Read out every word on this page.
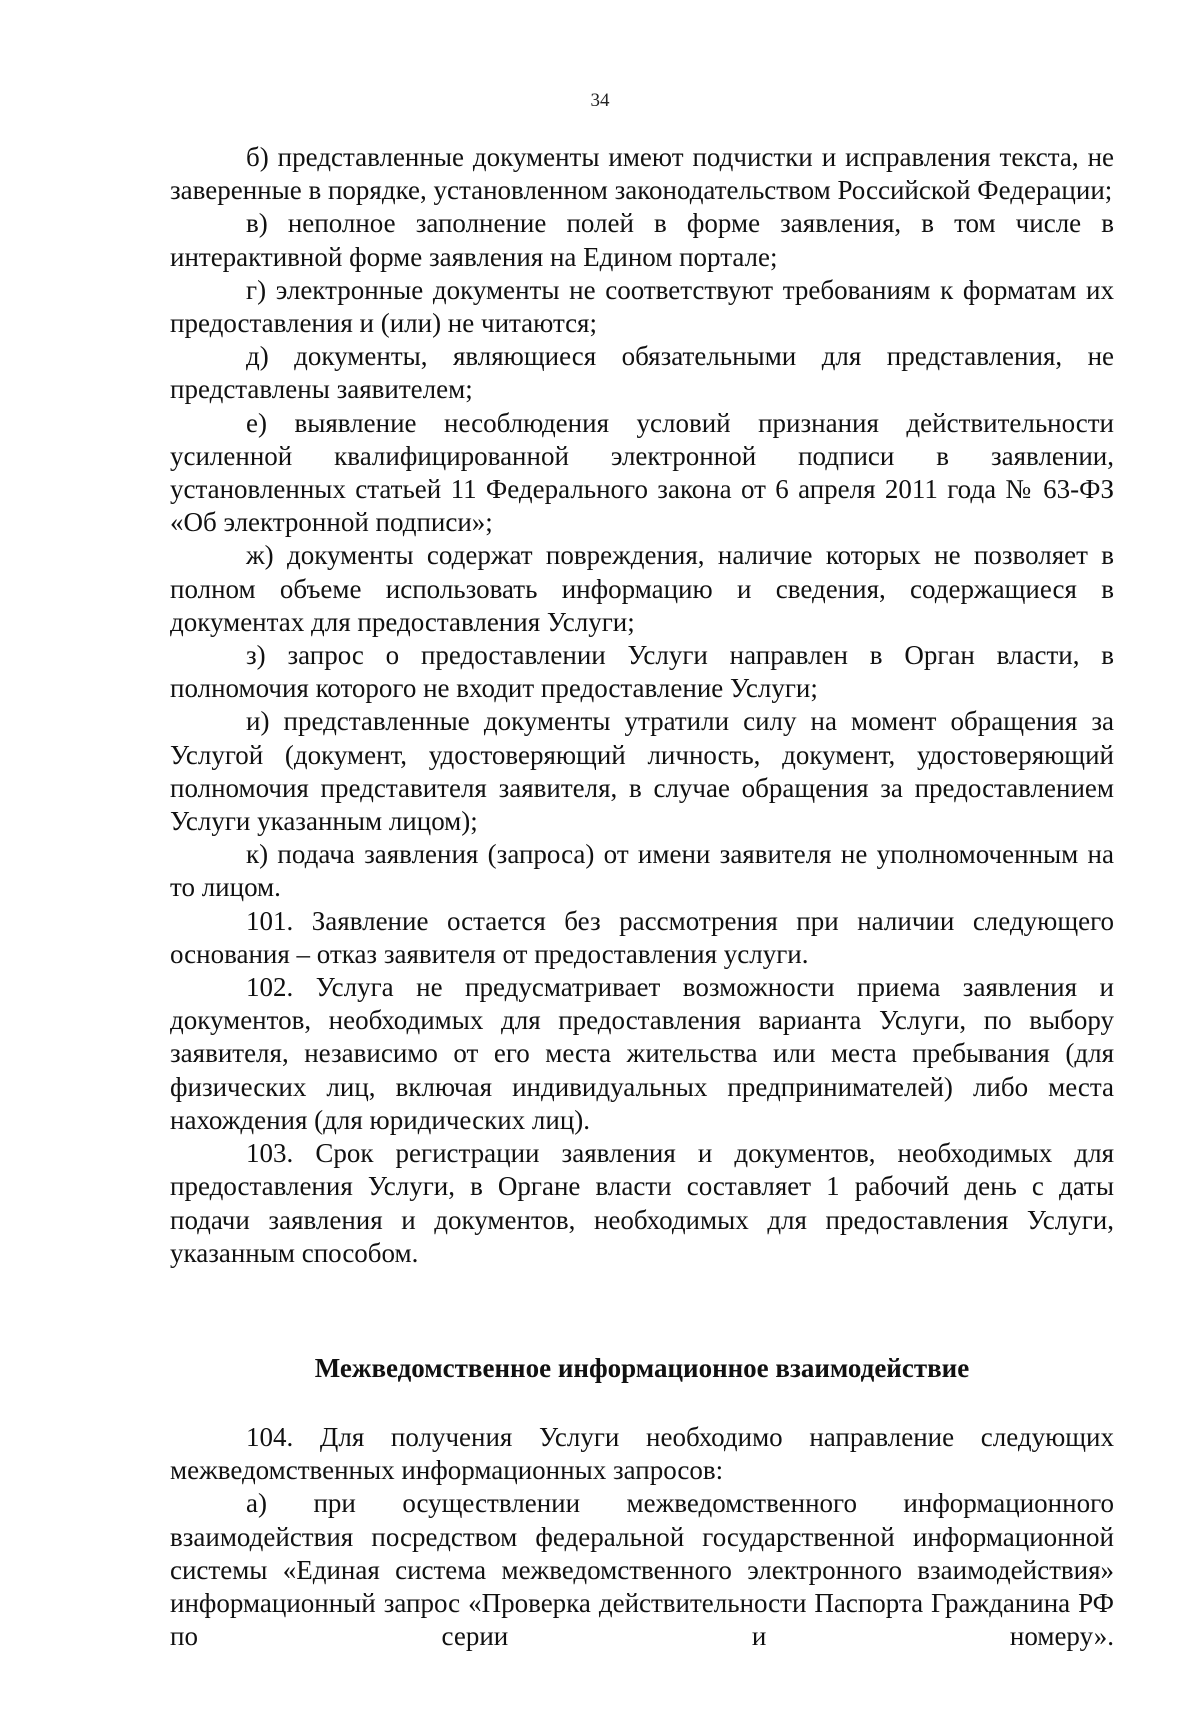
34

б) представленные документы имеют подчистки и исправления текста, не заверенные в порядке, установленном законодательством Российской Федерации;

в) неполное заполнение полей в форме заявления, в том числе в интерактивной форме заявления на Едином портале;

г) электронные документы не соответствуют требованиям к форматам их предоставления и (или) не читаются;

д) документы, являющиеся обязательными для представления, не представлены заявителем;

е) выявление несоблюдения условий признания действительности усиленной квалифицированной электронной подписи в заявлении, установленных статьей 11 Федерального закона от 6 апреля 2011 года № 63-ФЗ «Об электронной подписи»;

ж) документы содержат повреждения, наличие которых не позволяет в полном объеме использовать информацию и сведения, содержащиеся в документах для предоставления Услуги;

з) запрос о предоставлении Услуги направлен в Орган власти, в полномочия которого не входит предоставление Услуги;

и) представленные документы утратили силу на момент обращения за Услугой (документ, удостоверяющий личность, документ, удостоверяющий полномочия представителя заявителя, в случае обращения за предоставлением Услуги указанным лицом);

к) подача заявления (запроса) от имени заявителя не уполномоченным на то лицом.

101. Заявление остается без рассмотрения при наличии следующего основания – отказ заявителя от предоставления услуги.

102. Услуга не предусматривает возможности приема заявления и документов, необходимых для предоставления варианта Услуги, по выбору заявителя, независимо от его места жительства или места пребывания (для физических лиц, включая индивидуальных предпринимателей) либо места нахождения (для юридических лиц).

103. Срок регистрации заявления и документов, необходимых для предоставления Услуги, в Органе власти составляет 1 рабочий день с даты подачи заявления и документов, необходимых для предоставления Услуги, указанным способом.

Межведомственное информационное взаимодействие

104. Для получения Услуги необходимо направление следующих межведомственных информационных запросов:

а) при осуществлении межведомственного информационного взаимодействия посредством федеральной государственной информационной системы «Единая система межведомственного электронного взаимодействия» информационный запрос «Проверка действительности Паспорта Гражданина РФ по серии и номеру».
